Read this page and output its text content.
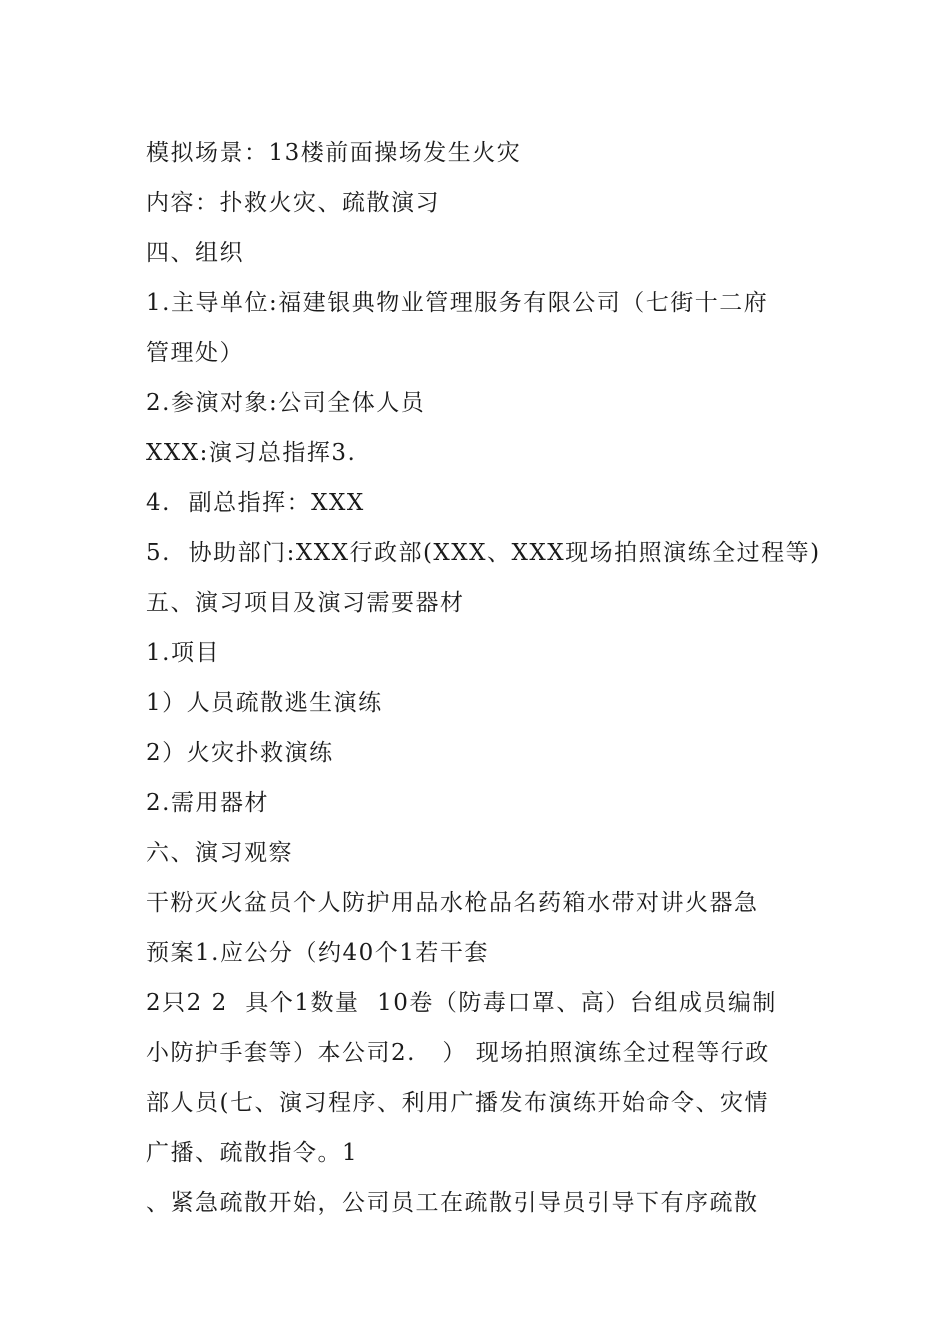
模拟场景：13楼前面操场发生火灾
内容：扑救火灾、疏散演习
四、组织
1.主导单位:福建银典物业管理服务有限公司（七街十二府
管理处）
2.参演对象:公司全体人员
XXX:演习总指挥3.
4.  副总指挥：XXX
5.  协助部门:XXX行政部(XXX、XXX现场拍照演练全过程等)
五、演习项目及演习需要器材
1.项目
1）人员疏散逃生演练
2）火灾扑救演练
2.需用器材
六、演习观察
干粉灭火盆员个人防护用品水枪品名药箱水带对讲火器急
预案1.应公分（约40个1若干套
2只2 2  具个1数量  10卷（防毒口罩、高）台组成员编制
小防护手套等）本公司2.   ） 现场拍照演练全过程等行政
部人员(七、演习程序、利用广播发布演练开始命令、灾情
广播、疏散指令。1
、紧急疏散开始，公司员工在疏散引导员引导下有序疏散
